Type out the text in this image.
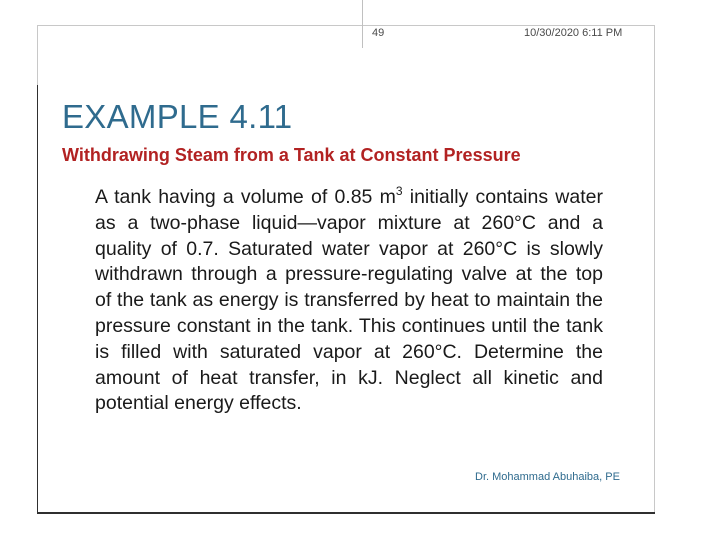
49	10/30/2020 6:11 PM
EXAMPLE 4.11
Withdrawing Steam from a Tank at Constant Pressure
A tank having a volume of 0.85 $m^3$ initially contains water as a two-phase liquid—vapor mixture at 260°C and a quality of 0.7. Saturated water vapor at 260°C is slowly withdrawn through a pressure-regulating valve at the top of the tank as energy is transferred by heat to maintain the pressure constant in the tank. This continues until the tank is filled with saturated vapor at 260°C. Determine the amount of heat transfer, in kJ. Neglect all kinetic and potential energy effects.
Dr. Mohammad Abuhaiba, PE
